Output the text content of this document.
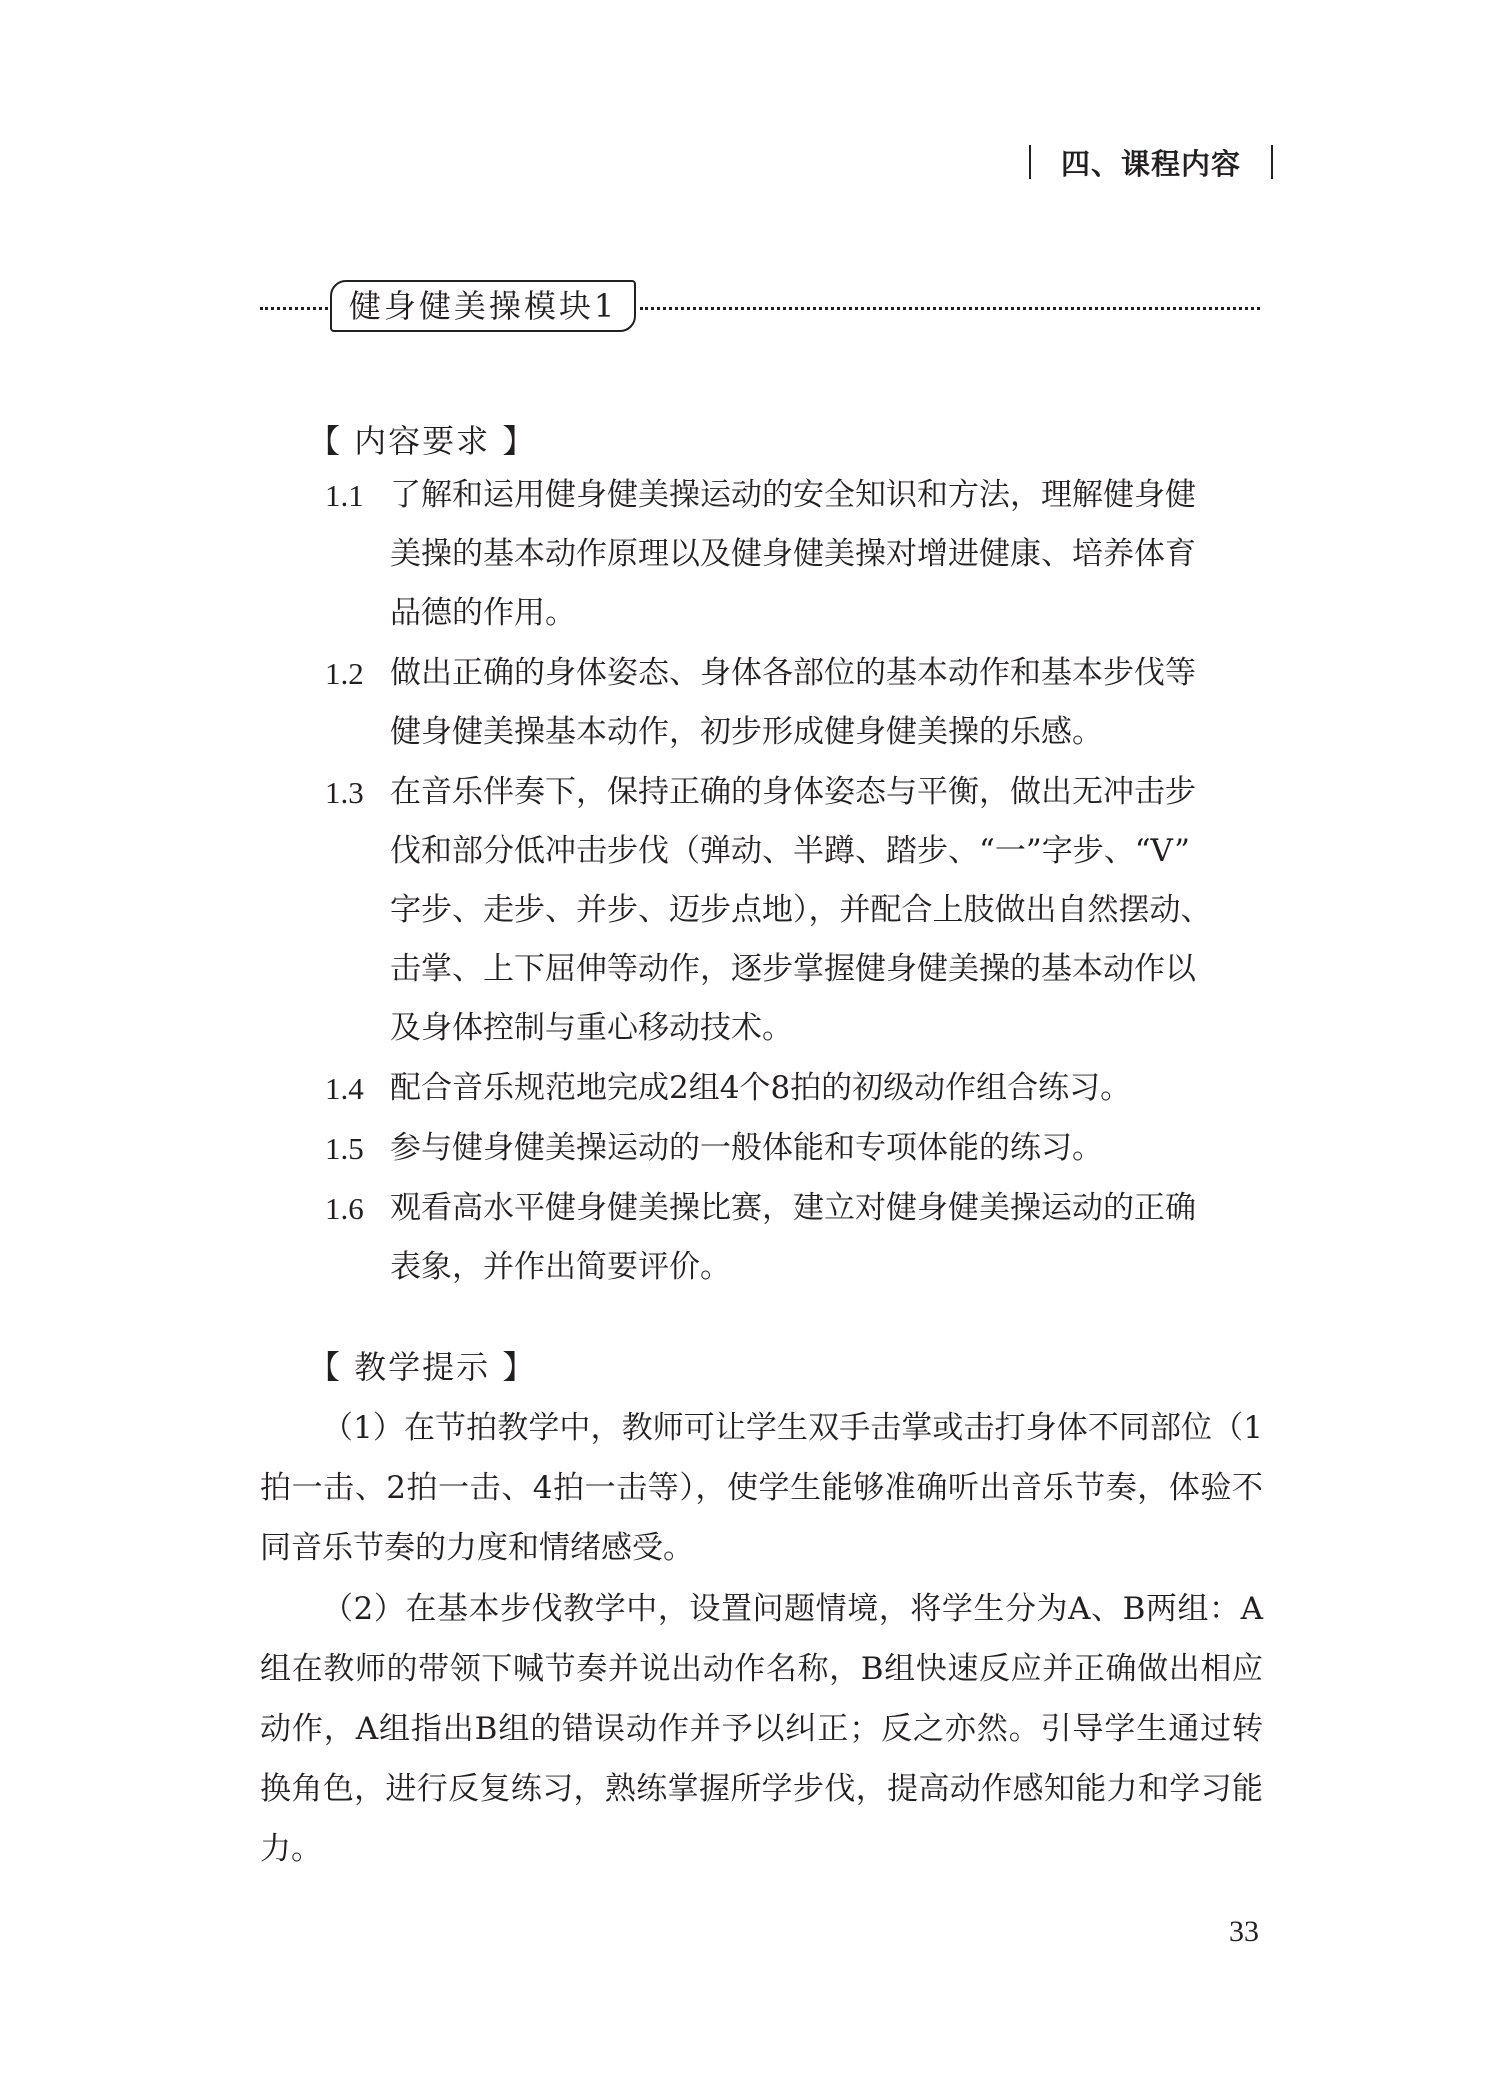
四、课程内容
健身健美操模块1
【 内容要求 】
1.1 了解和运用健身健美操运动的安全知识和方法，理解健身健
美操的基本动作原理以及健身健美操对增进健康、培养体育
品德的作用。
1.2 做出正确的身体姿态、身体各部位的基本动作和基本步伐等
健身健美操基本动作，初步形成健身健美操的乐感。
1.3 在音乐伴奏下，保持正确的身体姿态与平衡，做出无冲击步
伐和部分低冲击步伐（弹动、半蹲、踏步、“一”字步、“V”
字步、走步、并步、迈步点地），并配合上肢做出自然摆动、
击掌、上下屈伸等动作，逐步掌握健身健美操的基本动作以
及身体控制与重心移动技术。
1.4 配合音乐规范地完成2组4个8拍的初级动作组合练习。
1.5 参与健身健美操运动的一般体能和专项体能的练习。
1.6 观看高水平健身健美操比赛，建立对健身健美操运动的正确
表象，并作出简要评价。
【 教学提示 】

（1）在节拍教学中，教师可让学生双手击掌或击打身体不同部位（1拍一击、2拍一击、4拍一击等），使学生能够准确听出音乐节奏，体验不同音乐节奏的力度和情绪感受。

（2）在基本步伐教学中，设置问题情境，将学生分为A、B两组：A组在教师的带领下喊节奏并说出动作名称，B组快速反应并正确做出相应动作，A组指出B组的错误动作并予以纠正；反之亦然。引导学生通过转换角色，进行反复练习，熟练掌握所学步伐，提高动作感知能力和学习能力。

33
